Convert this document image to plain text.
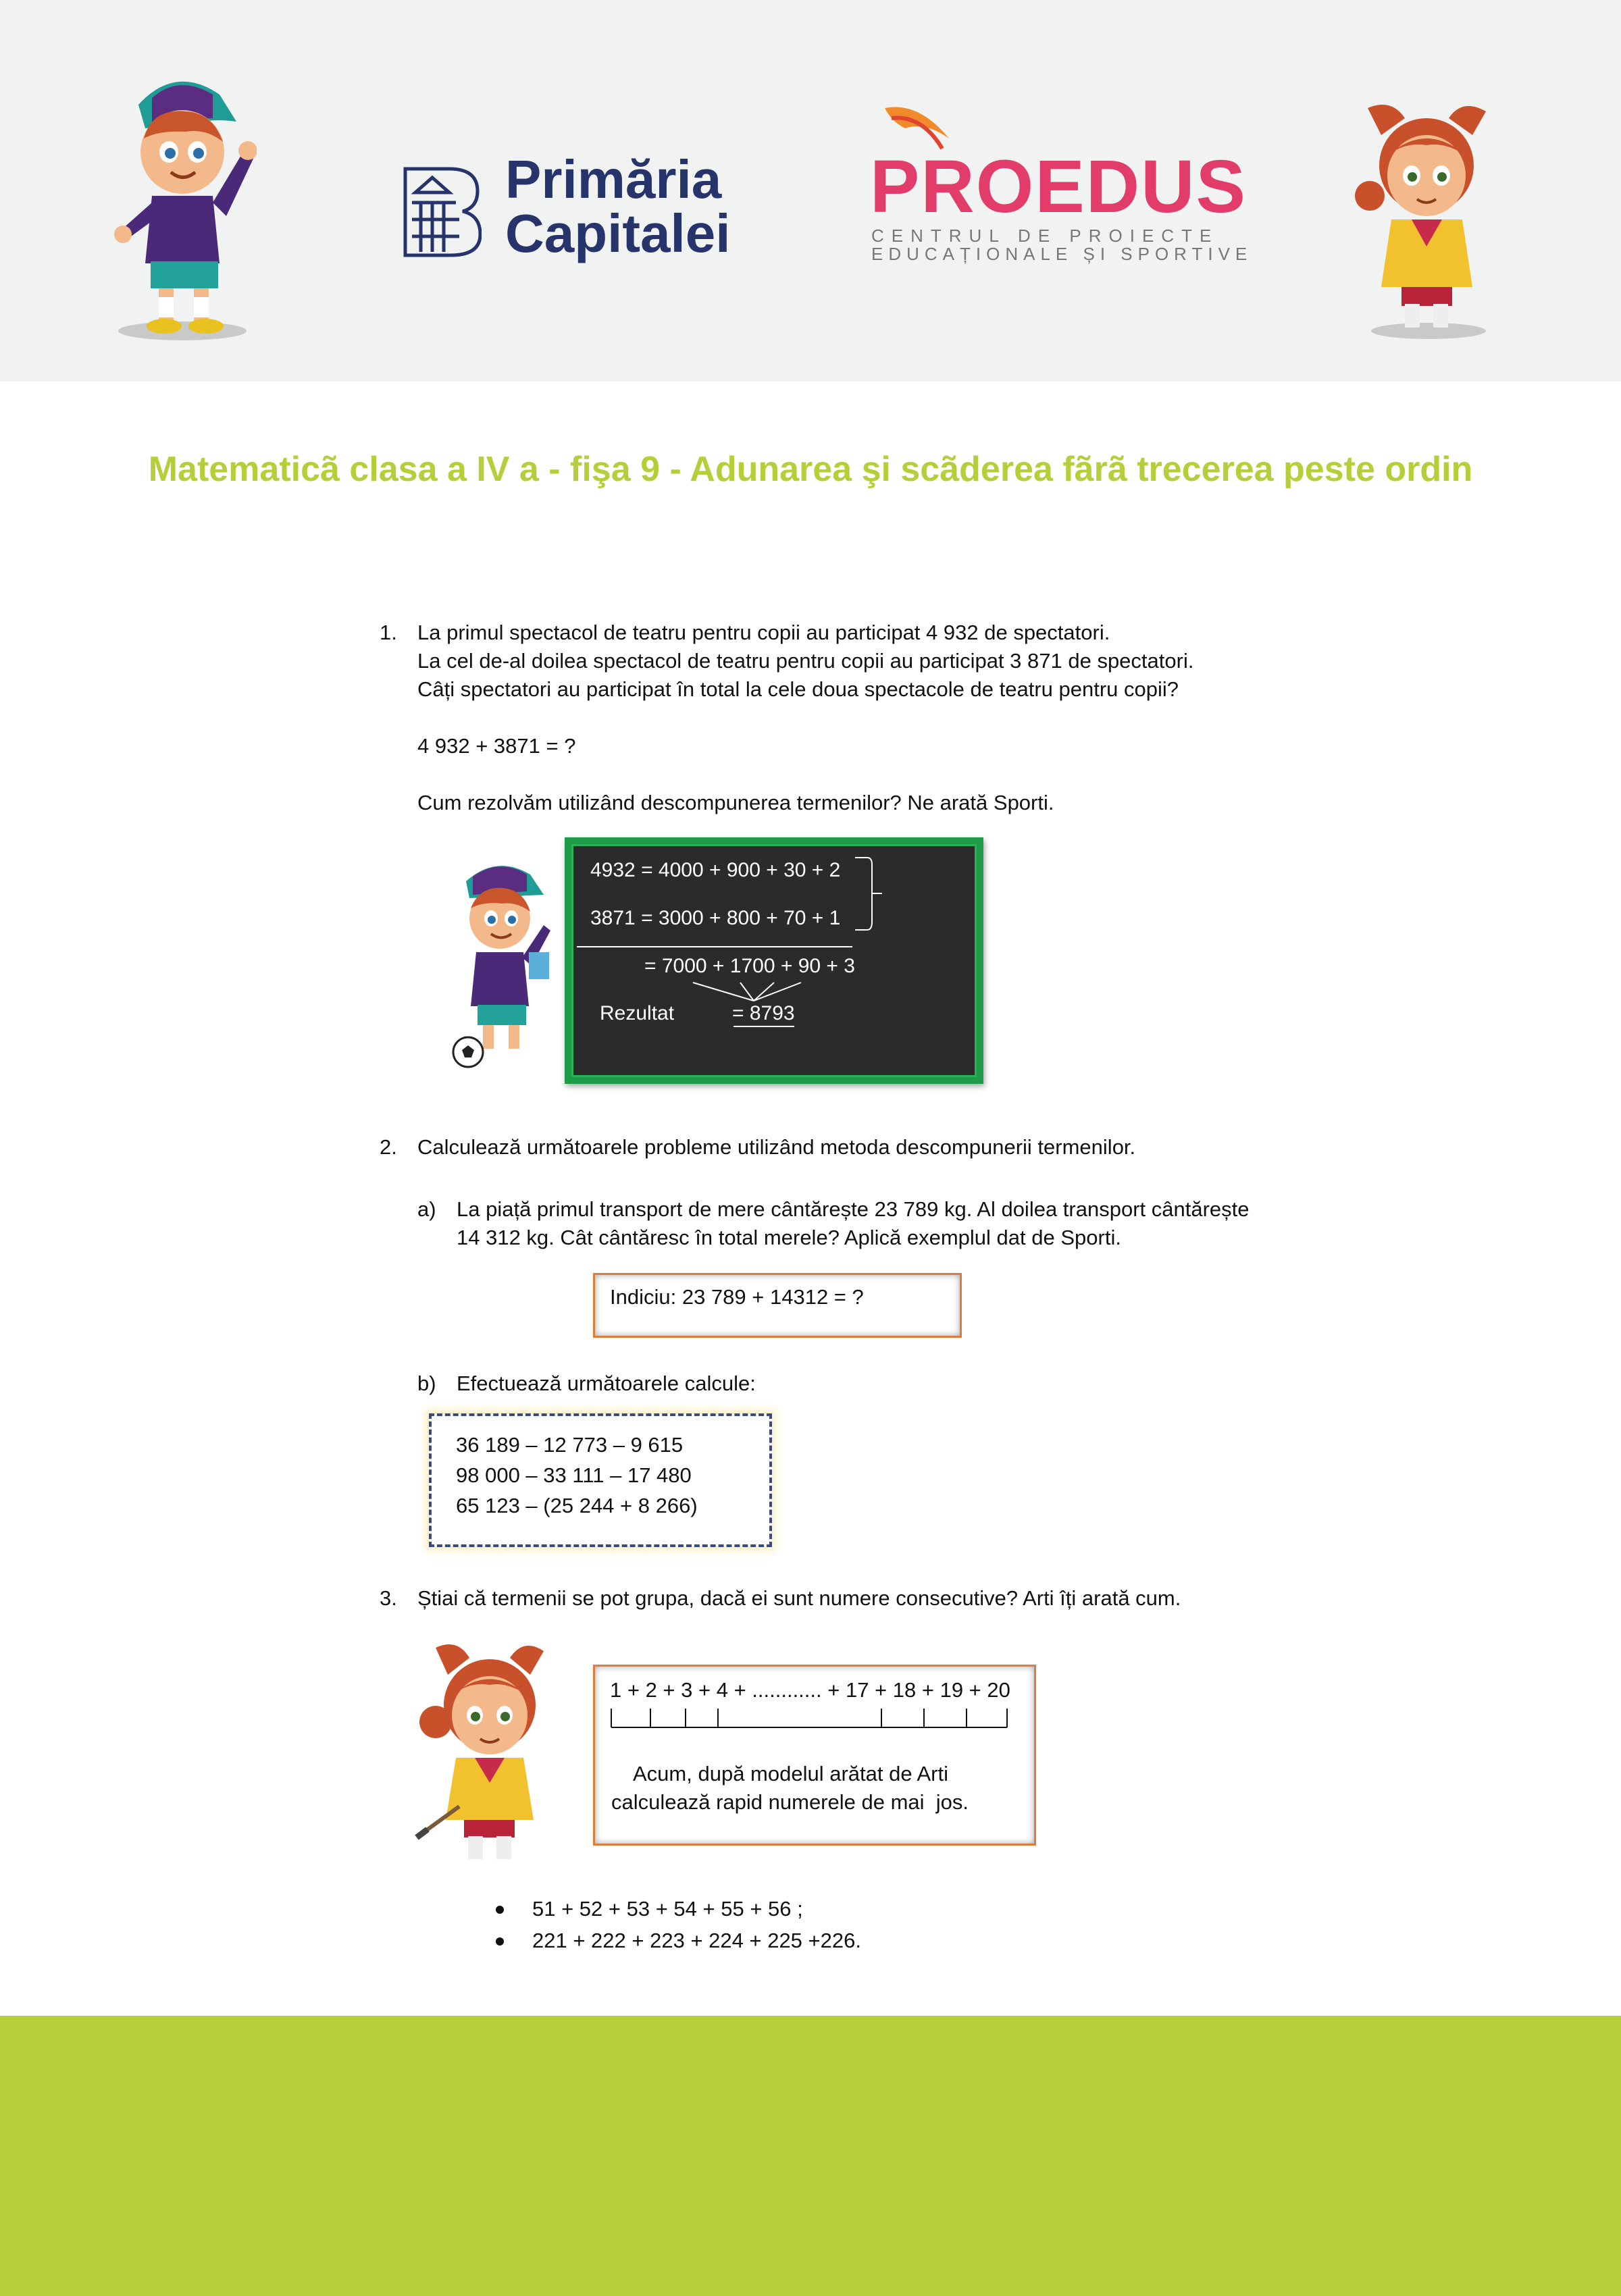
Primăria
Capitalei
PROEDUS
CENTRUL DE PROIECTE
EDUCAȚIONALE ȘI SPORTIVE
Matematicã clasa a IV a - fişa 9 - Adunarea şi scãderea fãrã trecerea peste ordin
1. La primul spectacol de teatru pentru copii au participat 4 932 de spectatori.
La cel de-al doilea spectacol de teatru pentru copii au participat 3 871 de spectatori.
Câți spectatori au participat în total la cele doua spectacole de teatru pentru copii?
4 932 + 3871 = ?
Cum rezolvăm utilizând descompunerea termenilor? Ne arată Sporti.
4932 = 4000 + 900 + 30 + 2
3871 = 3000 + 800 + 70 + 1
= 7000 + 1700 + 90 + 3
Rezultat	= 8793
2. Calculează următoarele probleme utilizând metoda descompunerii termenilor.
a) La piață primul transport de mere cântărește 23 789 kg. Al doilea transport cântărește
14 312 kg. Cât cântăresc în total merele? Aplică exemplul dat de Sporti.
Indiciu: 23 789 + 14312 = ?
b) Efectuează următoarele calcule:
36 189 – 12 773 – 9 615
98 000 – 33 111 – 17 480
65 123 – (25 244 + 8 266)
3. Știai că termenii se pot grupa, dacă ei sunt numere consecutive? Arti îți arată cum.
1 + 2 + 3 + 4 + ............ + 17 + 18 + 19 + 20
Acum, după modelul arătat de Arti
calculează rapid numerele de mai  jos.
51 + 52 + 53 + 54 + 55 + 56 ;
221 + 222 + 223 + 224 + 225 +226.
